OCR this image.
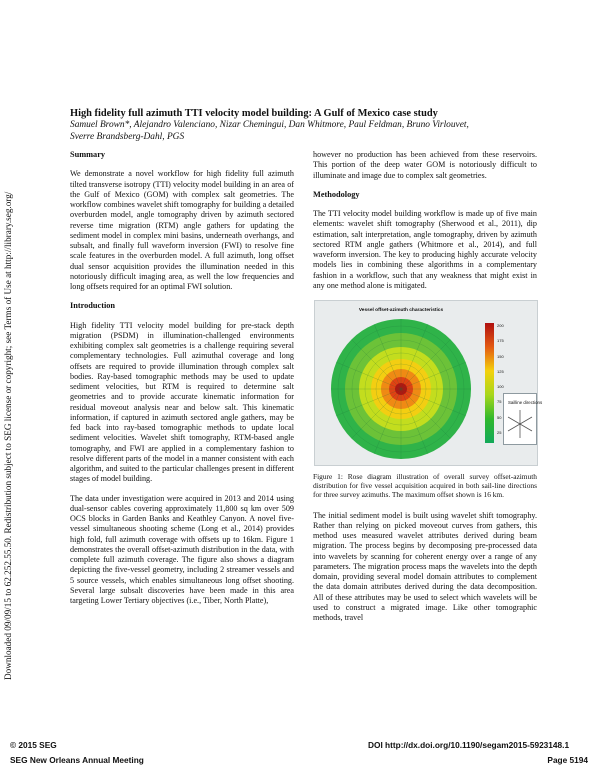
Downloaded 09/09/15 to 62.252.55.50. Redistribution subject to SEG license or copyright; see Terms of Use at http://library.seg.org/
High fidelity full azimuth TTI velocity model building: A Gulf of Mexico case study
Samuel Brown*, Alejandro Valenciano, Nizar Chemingui, Dan Whitmore, Paul Feldman, Bruno Virlouvet,
Sverre Brandsberg-Dahl, PGS
Summary

We demonstrate a novel workflow for high fidelity full azimuth tilted transverse isotropy (TTI) velocity model building in an area of the Gulf of Mexico (GOM) with complex salt geometries. The workflow combines wavelet shift tomography for building a detailed overburden model, angle tomography driven by azimuth sectored reverse time migration (RTM) angle gathers for updating the sediment model in complex mini basins, underneath overhangs, and subsalt, and finally full waveform inversion (FWI) to resolve fine scale features in the overburden model. A full azimuth, long offset dual sensor acquisition provides the illumination needed in this notoriously difficult imaging area, as well the low frequencies and long offsets required for an optimal FWI solution.

Introduction

High fidelity TTI velocity model building for pre-stack depth migration (PSDM) in illumination-challenged environments exhibiting complex salt geometries is a challenge requiring several complementary technologies. Full azimuthal coverage and long offsets are required to provide illumination through complex salt bodies. Ray-based tomographic methods may be used to update sediment velocities, but RTM is required to determine salt geometries and to provide accurate kinematic information for residual moveout analysis near and below salt. This kinematic information, if captured in azimuth sectored angle gathers, may be fed back into ray-based tomographic methods to update local sediment velocities. Wavelet shift tomography, RTM-based angle tomography, and FWI are applied in a complementary fashion to resolve different parts of the model in a manner consistent with each algorithm, and suited to the particular challenges present in different stages of model building.

The data under investigation were acquired in 2013 and 2014 using dual-sensor cables covering approximately 11,800 sq km over 509 OCS blocks in Garden Banks and Keathley Canyon. A novel five-vessel simultaneous shooting scheme (Long et al., 2014) provides high fold, full azimuth coverage with offsets up to 16km. Figure 1 demonstrates the overall offset-azimuth distribution in the data, with complete full azimuth coverage. The figure also shows a diagram depicting the five-vessel geometry, including 2 streamer vessels and 5 source vessels, which enables simultaneous long offset shooting. Several large subsalt discoveries have been made in this area targeting Lower Tertiary objectives (i.e., Tiber, North Platte),

however no production has been achieved from these reservoirs. This portion of the deep water GOM is notoriously difficult to illuminate and image due to complex salt geometries.

Methodology

The TTI velocity model building workflow is made up of five main elements: wavelet shift tomography (Sherwood et al., 2011), dip estimation, salt interpretation, angle tomography, driven by azimuth sectored RTM angle gathers (Whitmore et al., 2014), and full waveform inversion. The key to producing highly accurate velocity models lies in combining these algorithms in a complementary fashion in a workflow, such that any weakness that might exist in any one method alone is mitigated.

Vessel offset-azimuth characteristics
200
175
150
125
100
75
50
25
Sailline directions

Figure 1: Rose diagram illustration of overall survey offset-azimuth distribution for five vessel acquisition acquired in both sail-line directions for three survey azimuths. The maximum offset shown is 16 km.

The initial sediment model is built using wavelet shift tomography. Rather than relying on picked moveout curves from gathers, this method uses measured wavelet attributes derived during beam migration. The process begins by decomposing pre-processed data into wavelets by scanning for coherent energy over a range of any parameters. The migration process maps the wavelets into the depth domain, providing several model domain attributes to complement the data domain attributes derived during the data decomposition. All of these attributes may be used to select which wavelets will be used to construct a migrated image. Like other tomographic methods, travel

© 2015 SEG	DOI http://dx.doi.org/10.1190/segam2015-5923148.1
SEG New Orleans Annual Meeting	Page 5194
